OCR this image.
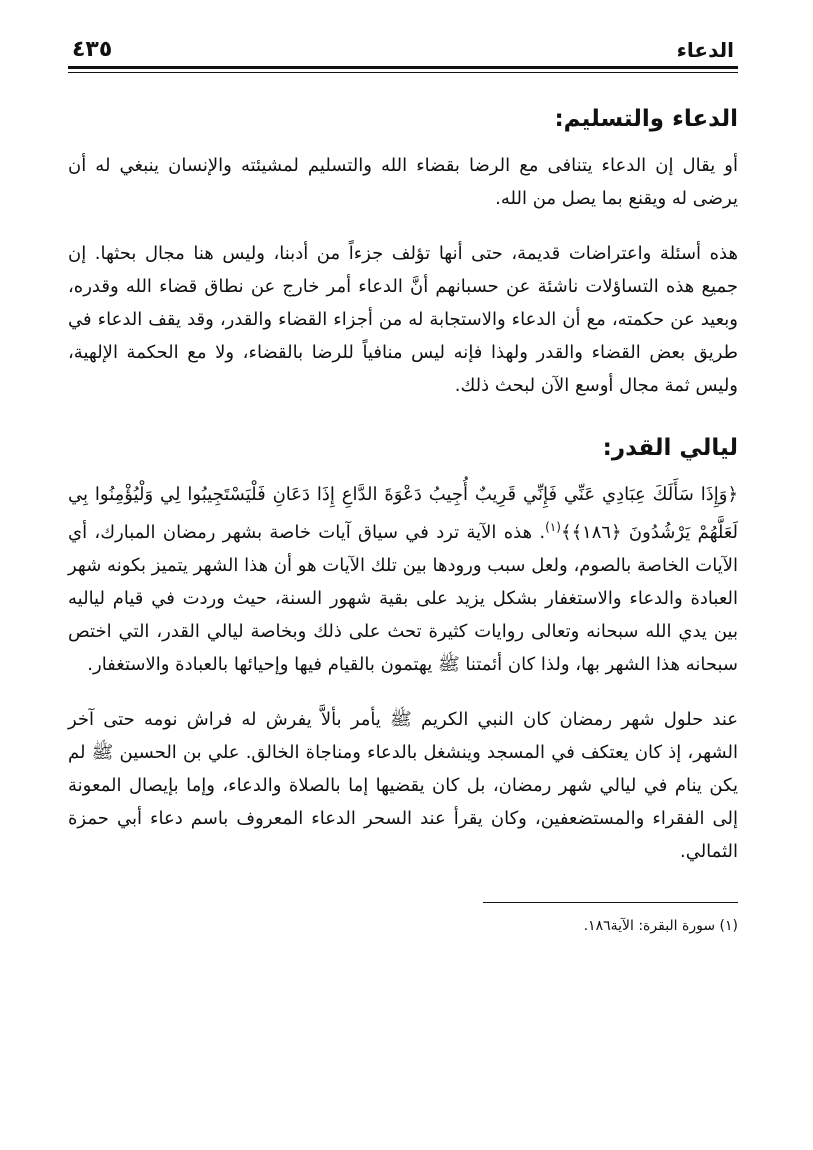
الدعاء
٤٣٥
الدعاء والتسليم:

أو يقال إن الدعاء يتنافى مع الرضا بقضاء الله والتسليم لمشيئته والإنسان ينبغي له أن يرضى له ويقنع بما يصل من الله.

هذه أسئلة واعتراضات قديمة، حتى أنها تؤلف جزءاً من أدبنا، وليس هنا مجال بحثها. إن جميع هذه التساؤلات ناشئة عن حسبانهم أنَّ الدعاء أمر خارج عن نطاق قضاء الله وقدره، وبعيد عن حكمته، مع أن الدعاء والاستجابة له من أجزاء القضاء والقدر، وقد يقف الدعاء في طريق بعض القضاء والقدر ولهذا فإنه ليس منافياً للرضا بالقضاء، ولا مع الحكمة الإلهية، وليس ثمة مجال أوسع الآن لبحث ذلك.

ليالي القدر:

﴿وَإِذَا سَأَلَكَ عِبَادِي عَنِّي فَإِنِّي قَرِيبٌ أُجِيبُ دَعْوَةَ الدَّاعِ إِذَا دَعَانِ فَلْيَسْتَجِيبُوا لِي وَلْيُؤْمِنُوا بِي لَعَلَّهُمْ يَرْشُدُونَ ﴿١٨٦﴾﴾$^{(١)}$. هذه الآية ترد في سياق آيات خاصة بشهر رمضان المبارك، أي الآيات الخاصة بالصوم، ولعل سبب ورودها بين تلك الآيات هو أن هذا الشهر يتميز بكونه شهر العبادة والدعاء والاستغفار بشكل يزيد على بقية شهور السنة، حيث وردت في قيام لياليه بين يدي الله سبحانه وتعالى روايات كثيرة تحث على ذلك وبخاصة ليالي القدر، التي اختص سبحانه هذا الشهر بها، ولذا كان أئمتنا ﷺ يهتمون بالقيام فيها وإحيائها بالعبادة والاستغفار.

عند حلول شهر رمضان كان النبي الكريم ﷺ يأمر بألاَّ يفرش له فراش نومه حتى آخر الشهر، إذ كان يعتكف في المسجد وينشغل بالدعاء ومناجاة الخالق. علي بن الحسين ﷺ لم يكن ينام في ليالي شهر رمضان، بل كان يقضيها إما بالصلاة والدعاء، وإما بإيصال المعونة إلى الفقراء والمستضعفين، وكان يقرأ عند السحر الدعاء المعروف باسم دعاء أبي حمزة الثمالي.

(١) سورة البقرة: الآية١٨٦.
